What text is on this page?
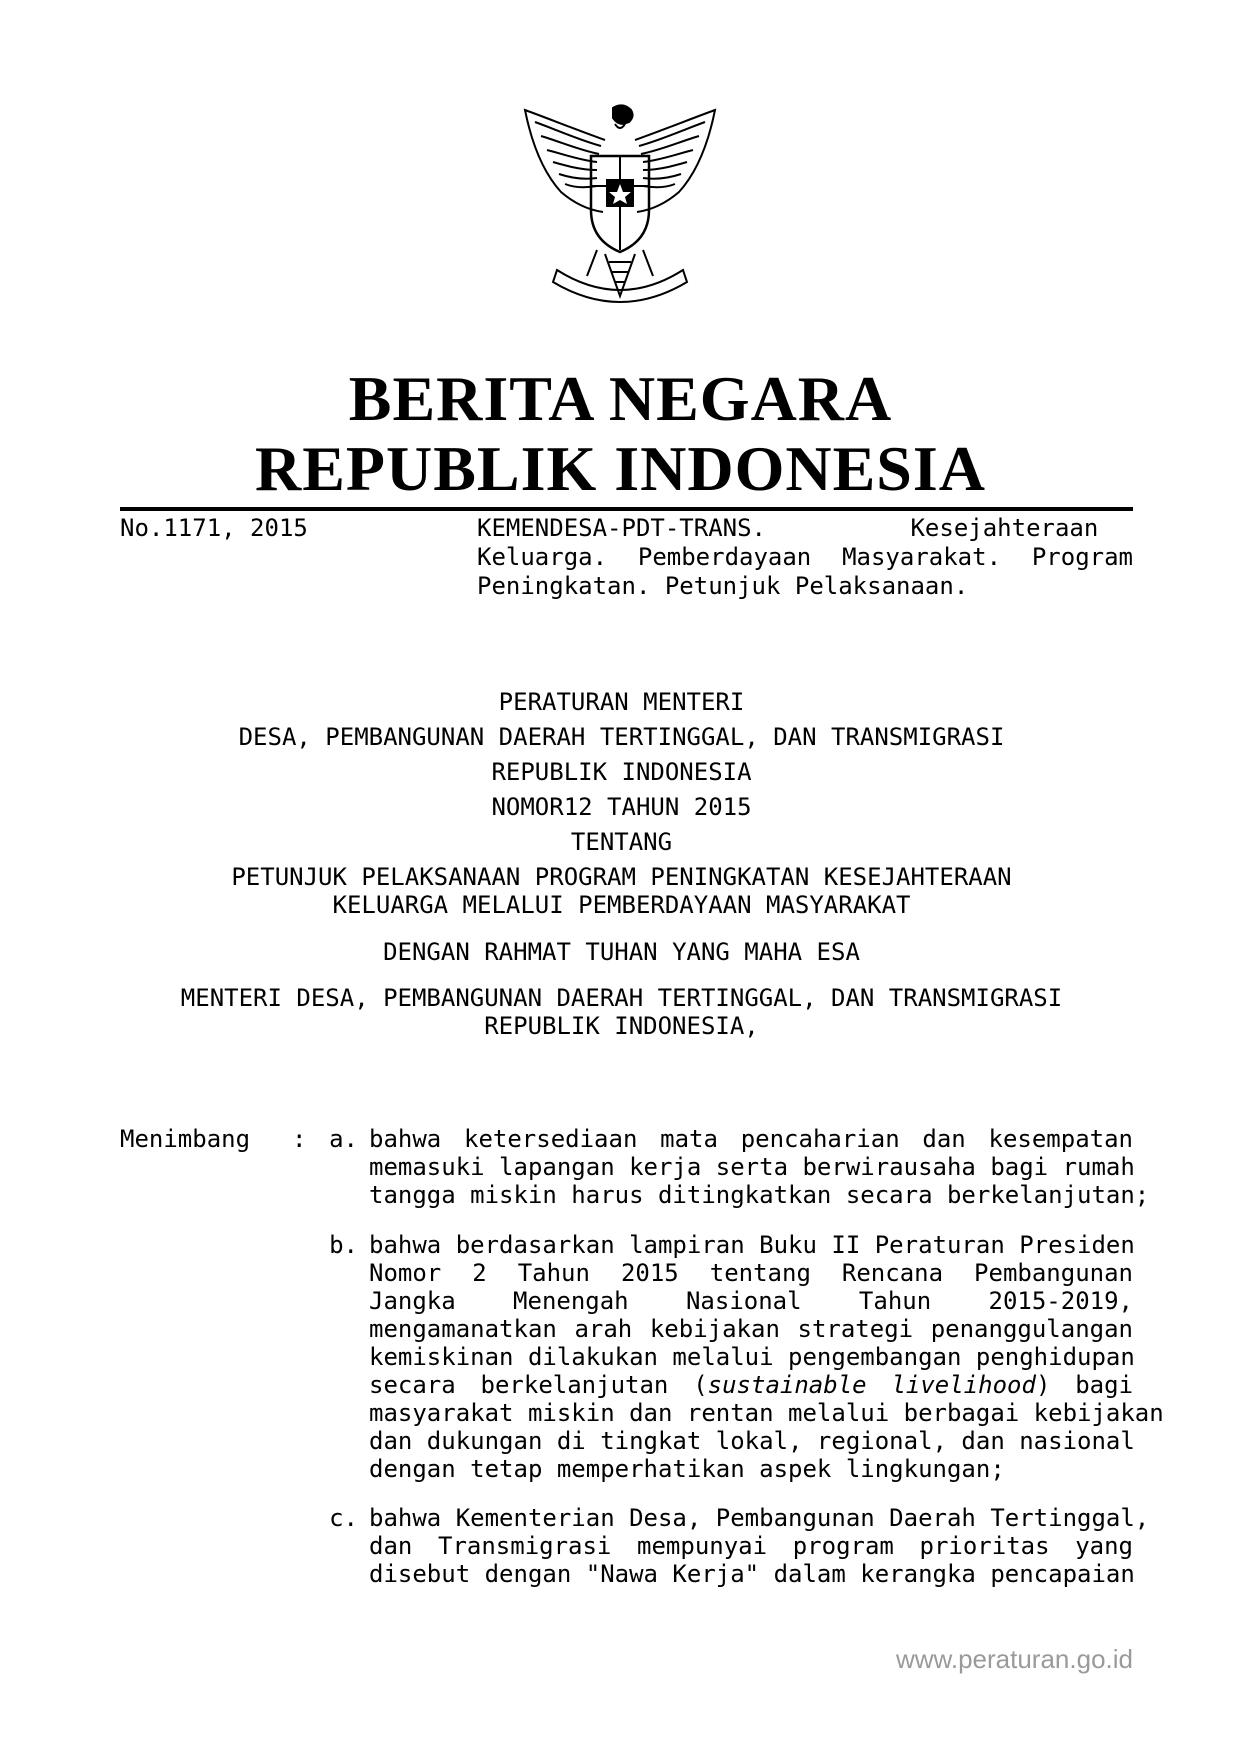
BERITA NEGARA
REPUBLIK INDONESIA
No.1171, 2015	KEMENDESA-PDT-TRANS.          Kesejahteraan
Keluarga. Pemberdayaan Masyarakat. Program
Peningkatan. Petunjuk Pelaksanaan.
PERATURAN MENTERI
DESA, PEMBANGUNAN DAERAH TERTINGGAL, DAN TRANSMIGRASI
REPUBLIK INDONESIA
NOMOR12 TAHUN 2015
TENTANG
PETUNJUK PELAKSANAAN PROGRAM PENINGKATAN KESEJAHTERAAN
KELUARGA MELALUI PEMBERDAYAAN MASYARAKAT
DENGAN RAHMAT TUHAN YANG MAHA ESA
MENTERI DESA, PEMBANGUNAN DAERAH TERTINGGAL, DAN TRANSMIGRASI
REPUBLIK INDONESIA,
Menimbang : a. bahwa ketersediaan mata pencaharian dan kesempatan
memasuki lapangan kerja serta berwirausaha bagi rumah
tangga miskin harus ditingkatkan secara berkelanjutan;
b. bahwa berdasarkan lampiran Buku II Peraturan Presiden
Nomor 2 Tahun 2015 tentang Rencana Pembangunan
Jangka Menengah Nasional Tahun 2015-2019,
mengamanatkan arah kebijakan strategi penanggulangan
kemiskinan dilakukan melalui pengembangan penghidupan
secara berkelanjutan (sustainable livelihood) bagi
masyarakat miskin dan rentan melalui berbagai kebijakan
dan dukungan di tingkat lokal, regional, dan nasional
dengan tetap memperhatikan aspek lingkungan;
c. bahwa Kementerian Desa, Pembangunan Daerah Tertinggal,
dan Transmigrasi mempunyai program prioritas yang
disebut dengan "Nawa Kerja" dalam kerangka pencapaian
www.peraturan.go.id
